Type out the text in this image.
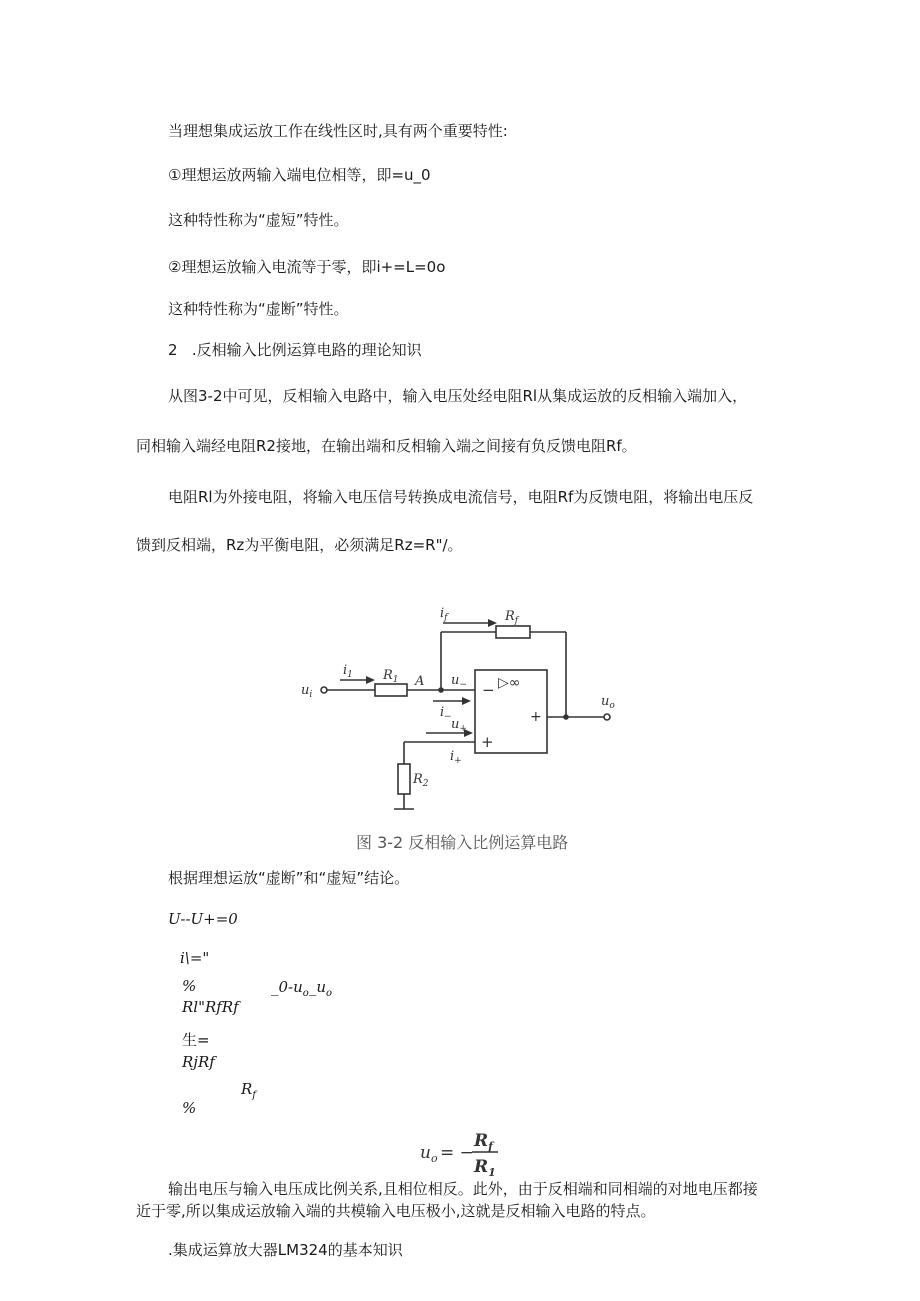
当理想集成运放工作在线性区时,具有两个重要特性:
①理想运放两输入端电位相等，即=u_0
这种特性称为“虚短”特性。
②理想运放输入电流等于零，即i+=L=0o
这种特性称为“虚断”特性。
2   .反相输入比例运算电路的理论知识
从图3-2中可见，反相输入电路中，输入电压处经电阻Rl从集成运放的反相输入端加入，
同相输入端经电阻R2接地，在输出端和反相输入端之间接有负反馈电阻Rf。
电阻Rl为外接电阻，将输入电压信号转换成电流信号，电阻Rf为反馈电阻，将输出电压反
馈到反相端，Rz为平衡电阻，必须满足Rz=R"/。
$i_f$	$R_f$
$i_1$ $R_1$ A $u_-$
$i_-$ $u_+$
$i_+$
$R_2$
$u_i$	$u_o$
−
+
+
▷∞
图 3-2 反相输入比例运算电路
根据理想运放“虚断”和“虚短”结论。
U--U+=0
i\="
%	$\_0-u_o\_u_o$
Rl"RfRf
生=
RjRf
$R_f$
%
$u_o$ = −
$R_f$
$R_1$
输出电压与输入电压成比例关系,且相位相反。此外，由于反相端和同相端的对地电压都接
近于零,所以集成运放输入端的共模输入电压极小,这就是反相输入电路的特点。
.集成运算放大器LM324的基本知识
